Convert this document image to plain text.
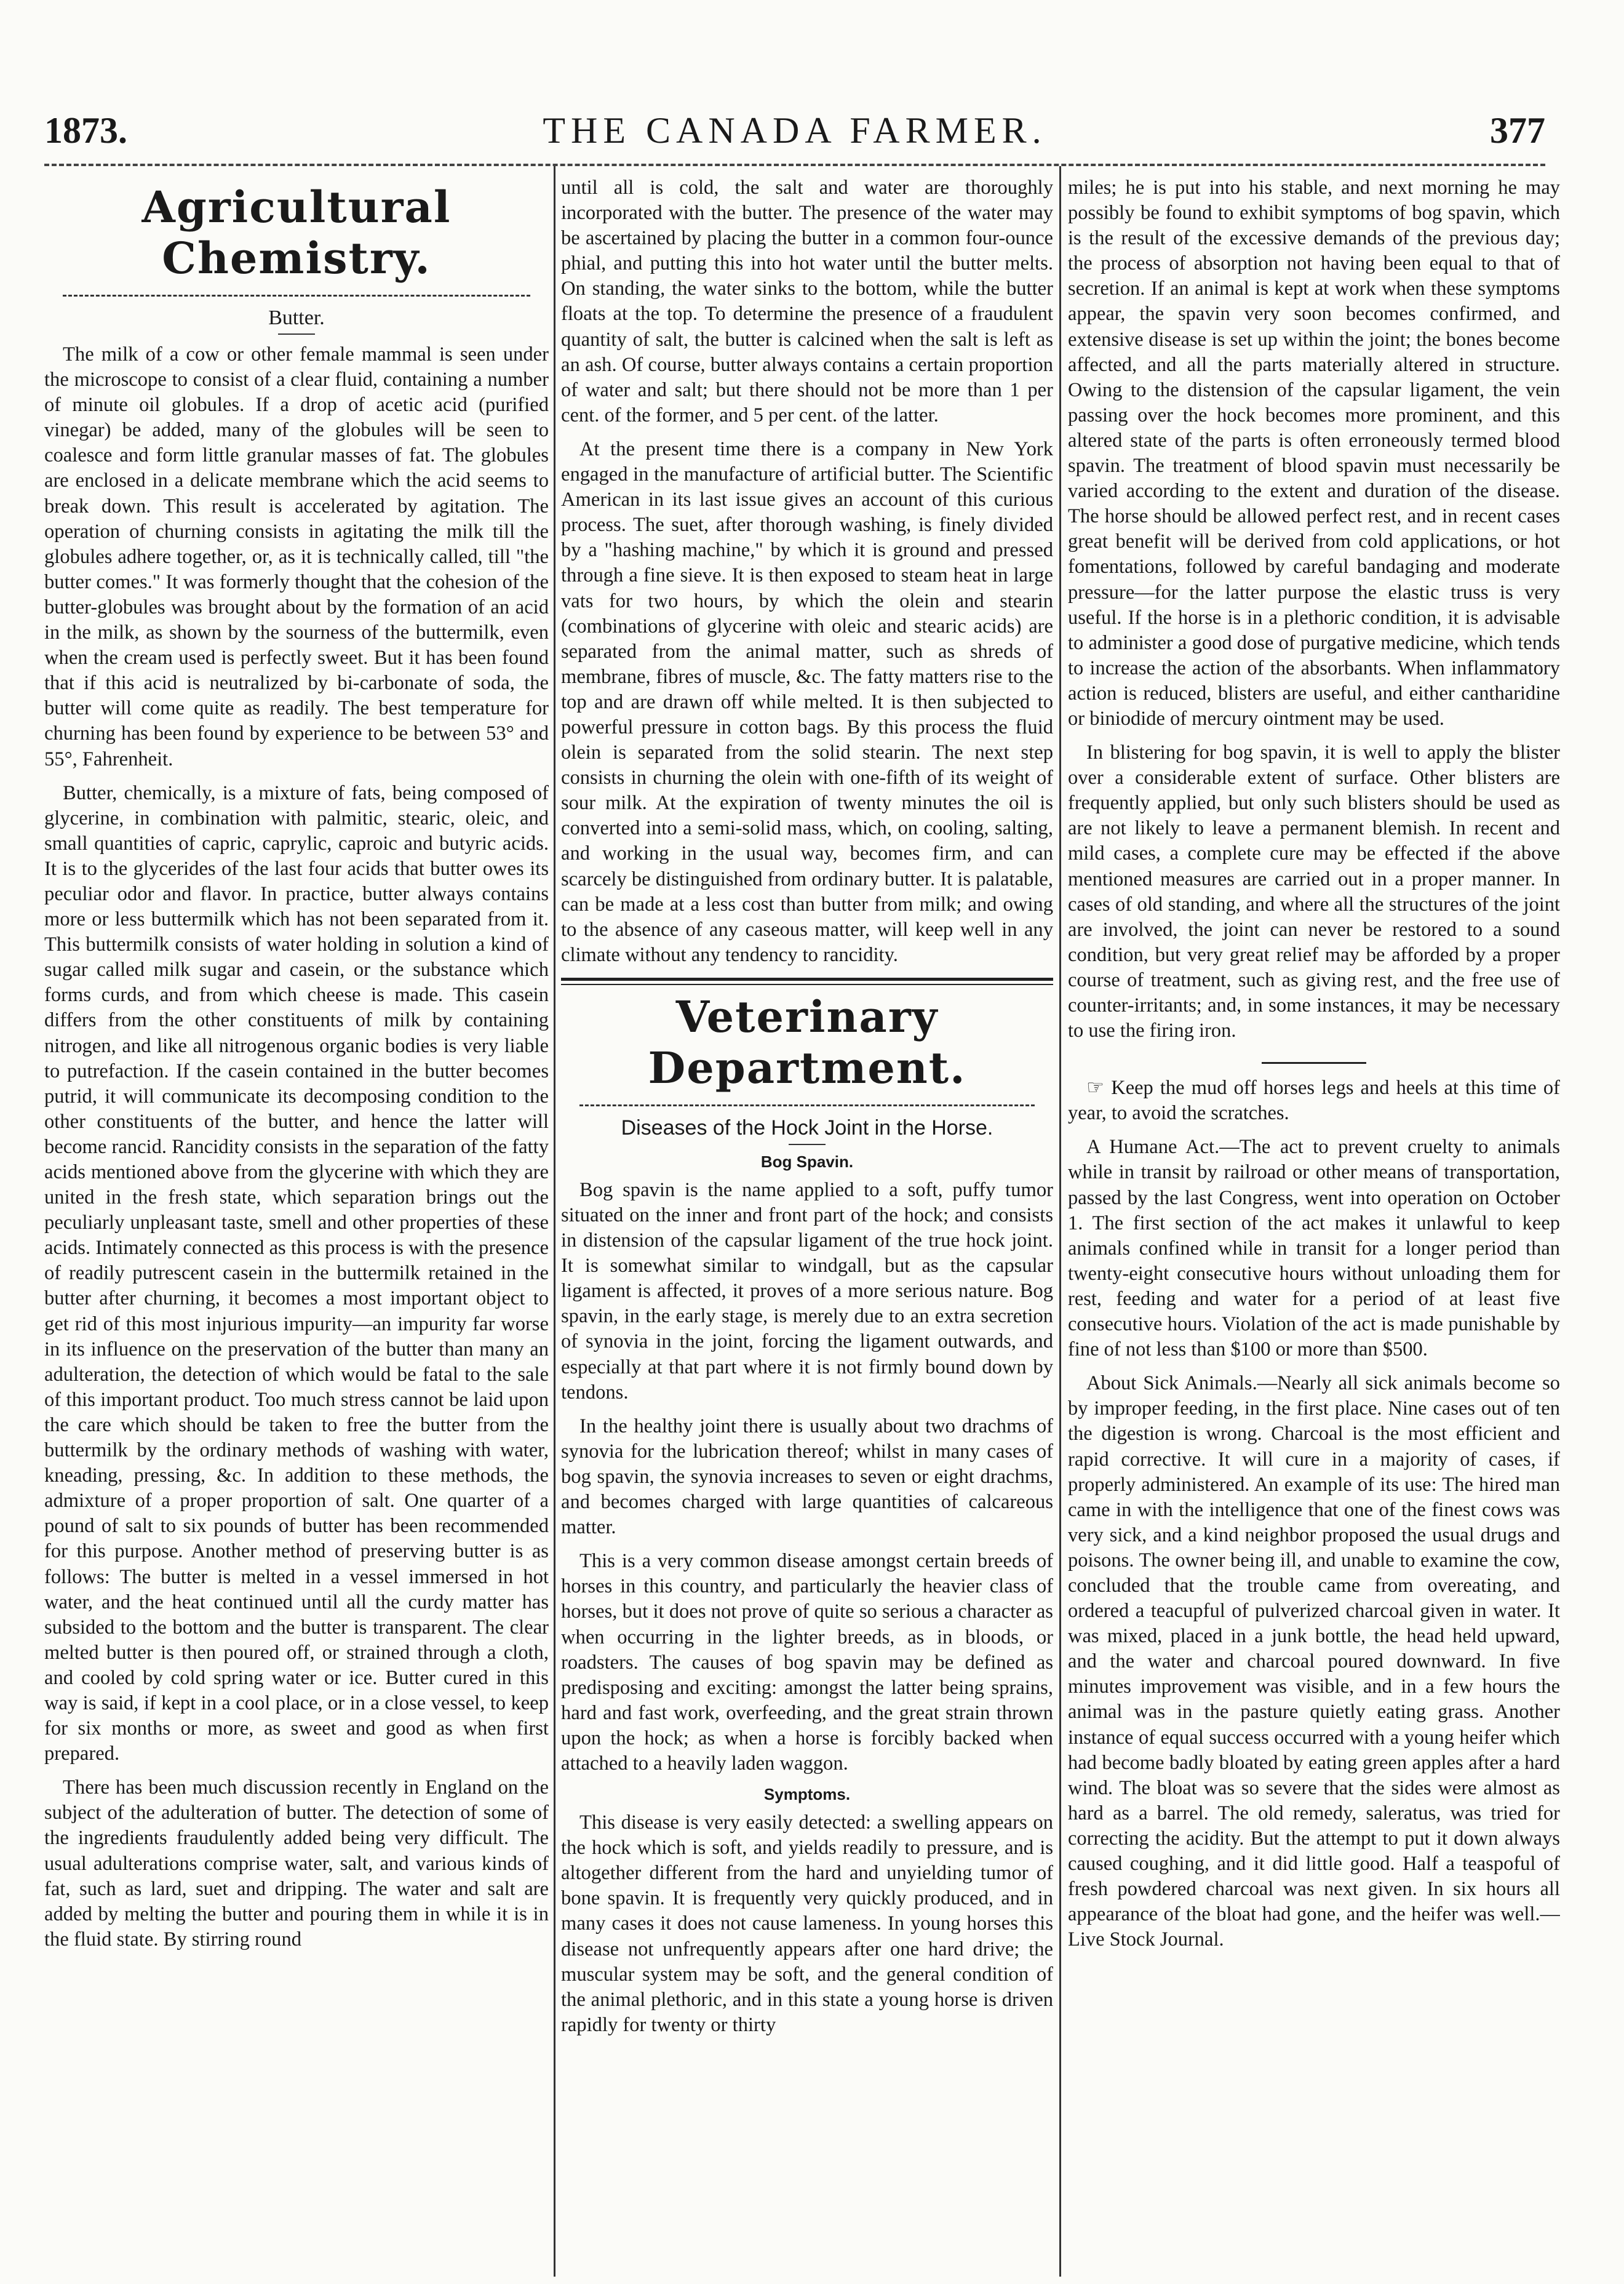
1873.	THE CANADA FARMER.	377
Agricultural Chemistry.
Butter.

The milk of a cow or other female mammal is seen under the microscope to consist of a clear fluid, containing a number of minute oil globules. If a drop of acetic acid (purified vinegar) be added, many of the globules will be seen to coalesce and form little granular masses of fat. The globules are enclosed in a delicate membrane which the acid seems to break down. This result is accelerated by agitation. The operation of churning consists in agitating the milk till the globules adhere together, or, as it is technically called, till "the butter comes." It was formerly thought that the cohesion of the butter-globules was brought about by the formation of an acid in the milk, as shown by the sourness of the buttermilk, even when the cream used is perfectly sweet. But it has been found that if this acid is neutralized by bi-carbonate of soda, the butter will come quite as readily. The best temperature for churning has been found by experience to be between 53° and 55°, Fahrenheit.

Butter, chemically, is a mixture of fats, being composed of glycerine, in combination with palmitic, stearic, oleic, and small quantities of capric, caprylic, caproic and butyric acids. It is to the glycerides of the last four acids that butter owes its peculiar odor and flavor. In practice, butter always contains more or less buttermilk which has not been separated from it. This buttermilk consists of water holding in solution a kind of sugar called milk sugar and casein, or the substance which forms curds, and from which cheese is made. This casein differs from the other constituents of milk by containing nitrogen, and like all nitrogenous organic bodies is very liable to putrefaction. If the casein contained in the butter becomes putrid, it will communicate its decomposing condition to the other constituents of the butter, and hence the latter will become rancid. Rancidity consists in the separation of the fatty acids mentioned above from the glycerine with which they are united in the fresh state, which separation brings out the peculiarly unpleasant taste, smell and other properties of these acids. Intimately connected as this process is with the presence of readily putrescent casein in the buttermilk retained in the butter after churning, it becomes a most important object to get rid of this most injurious impurity—an impurity far worse in its influence on the preservation of the butter than many an adulteration, the detection of which would be fatal to the sale of this important product. Too much stress cannot be laid upon the care which should be taken to free the butter from the buttermilk by the ordinary methods of washing with water, kneading, pressing, &c. In addition to these methods, the admixture of a proper proportion of salt. One quarter of a pound of salt to six pounds of butter has been recommended for this purpose. Another method of preserving butter is as follows: The butter is melted in a vessel immersed in hot water, and the heat continued until all the curdy matter has subsided to the bottom and the butter is transparent. The clear melted butter is then poured off, or strained through a cloth, and cooled by cold spring water or ice. Butter cured in this way is said, if kept in a cool place, or in a close vessel, to keep for six months or more, as sweet and good as when first prepared.

There has been much discussion recently in England on the subject of the adulteration of butter. The detection of some of the ingredients fraudulently added being very difficult. The usual adulterations comprise water, salt, and various kinds of fat, such as lard, suet and dripping. The water and salt are added by melting the butter and pouring them in while it is in the fluid state. By stirring round

until all is cold, the salt and water are thoroughly incorporated with the butter. The presence of the water may be ascertained by placing the butter in a common four-ounce phial, and putting this into hot water until the butter melts. On standing, the water sinks to the bottom, while the butter floats at the top. To determine the presence of a fraudulent quantity of salt, the butter is calcined when the salt is left as an ash. Of course, butter always contains a certain proportion of water and salt; but there should not be more than 1 per cent. of the former, and 5 per cent. of the latter.

At the present time there is a company in New York engaged in the manufacture of artificial butter. The Scientific American in its last issue gives an account of this curious process. The suet, after thorough washing, is finely divided by a "hashing machine," by which it is ground and pressed through a fine sieve. It is then exposed to steam heat in large vats for two hours, by which the olein and stearin (combinations of glycerine with oleic and stearic acids) are separated from the animal matter, such as shreds of membrane, fibres of muscle, &c. The fatty matters rise to the top and are drawn off while melted. It is then subjected to powerful pressure in cotton bags. By this process the fluid olein is separated from the solid stearin. The next step consists in churning the olein with one-fifth of its weight of sour milk. At the expiration of twenty minutes the oil is converted into a semi-solid mass, which, on cooling, salting, and working in the usual way, becomes firm, and can scarcely be distinguished from ordinary butter. It is palatable, can be made at a less cost than butter from milk; and owing to the absence of any caseous matter, will keep well in any climate without any tendency to rancidity.

Veterinary Department.
Diseases of the Hock Joint in the Horse.
Bog Spavin.

Bog spavin is the name applied to a soft, puffy tumor situated on the inner and front part of the hock; and consists in distension of the capsular ligament of the true hock joint. It is somewhat similar to windgall, but as the capsular ligament is affected, it proves of a more serious nature. Bog spavin, in the early stage, is merely due to an extra secretion of synovia in the joint, forcing the ligament outwards, and especially at that part where it is not firmly bound down by tendons.

In the healthy joint there is usually about two drachms of synovia for the lubrication thereof; whilst in many cases of bog spavin, the synovia increases to seven or eight drachms, and becomes charged with large quantities of calcareous matter.

This is a very common disease amongst certain breeds of horses in this country, and particularly the heavier class of horses, but it does not prove of quite so serious a character as when occurring in the lighter breeds, as in bloods, or roadsters. The causes of bog spavin may be defined as predisposing and exciting: amongst the latter being sprains, hard and fast work, overfeeding, and the great strain thrown upon the hock; as when a horse is forcibly backed when attached to a heavily laden waggon.

Symptoms.

This disease is very easily detected: a swelling appears on the hock which is soft, and yields readily to pressure, and is altogether different from the hard and unyielding tumor of bone spavin. It is frequently very quickly produced, and in many cases it does not cause lameness. In young horses this disease not unfrequently appears after one hard drive; the muscular system may be soft, and the general condition of the animal plethoric, and in this state a young horse is driven rapidly for twenty or thirty

miles; he is put into his stable, and next morning he may possibly be found to exhibit symptoms of bog spavin, which is the result of the excessive demands of the previous day; the process of absorption not having been equal to that of secretion. If an animal is kept at work when these symptoms appear, the spavin very soon becomes confirmed, and extensive disease is set up within the joint; the bones become affected, and all the parts materially altered in structure. Owing to the distension of the capsular ligament, the vein passing over the hock becomes more prominent, and this altered state of the parts is often erroneously termed blood spavin. The treatment of blood spavin must necessarily be varied according to the extent and duration of the disease. The horse should be allowed perfect rest, and in recent cases great benefit will be derived from cold applications, or hot fomentations, followed by careful bandaging and moderate pressure—for the latter purpose the elastic truss is very useful. If the horse is in a plethoric condition, it is advisable to administer a good dose of purgative medicine, which tends to increase the action of the absorbants. When inflammatory action is reduced, blisters are useful, and either cantharidine or biniodide of mercury ointment may be used.

In blistering for bog spavin, it is well to apply the blister over a considerable extent of surface. Other blisters are frequently applied, but only such blisters should be used as are not likely to leave a permanent blemish. In recent and mild cases, a complete cure may be effected if the above mentioned measures are carried out in a proper manner. In cases of old standing, and where all the structures of the joint are involved, the joint can never be restored to a sound condition, but very great relief may be afforded by a proper course of treatment, such as giving rest, and the free use of counter-irritants; and, in some instances, it may be necessary to use the firing iron.

☞ Keep the mud off horses legs and heels at this time of year, to avoid the scratches.

A Humane Act.—The act to prevent cruelty to animals while in transit by railroad or other means of transportation, passed by the last Congress, went into operation on October 1. The first section of the act makes it unlawful to keep animals confined while in transit for a longer period than twenty-eight consecutive hours without unloading them for rest, feeding and water for a period of at least five consecutive hours. Violation of the act is made punishable by fine of not less than $100 or more than $500.

About Sick Animals.—Nearly all sick animals become so by improper feeding, in the first place. Nine cases out of ten the digestion is wrong. Charcoal is the most efficient and rapid corrective. It will cure in a majority of cases, if properly administered. An example of its use: The hired man came in with the intelligence that one of the finest cows was very sick, and a kind neighbor proposed the usual drugs and poisons. The owner being ill, and unable to examine the cow, concluded that the trouble came from overeating, and ordered a teacupful of pulverized charcoal given in water. It was mixed, placed in a junk bottle, the head held upward, and the water and charcoal poured downward. In five minutes improvement was visible, and in a few hours the animal was in the pasture quietly eating grass. Another instance of equal success occurred with a young heifer which had become badly bloated by eating green apples after a hard wind. The bloat was so severe that the sides were almost as hard as a barrel. The old remedy, saleratus, was tried for correcting the acidity. But the attempt to put it down always caused coughing, and it did little good. Half a teaspoful of fresh powdered charcoal was next given. In six hours all appearance of the bloat had gone, and the heifer was well.—Live Stock Journal.
